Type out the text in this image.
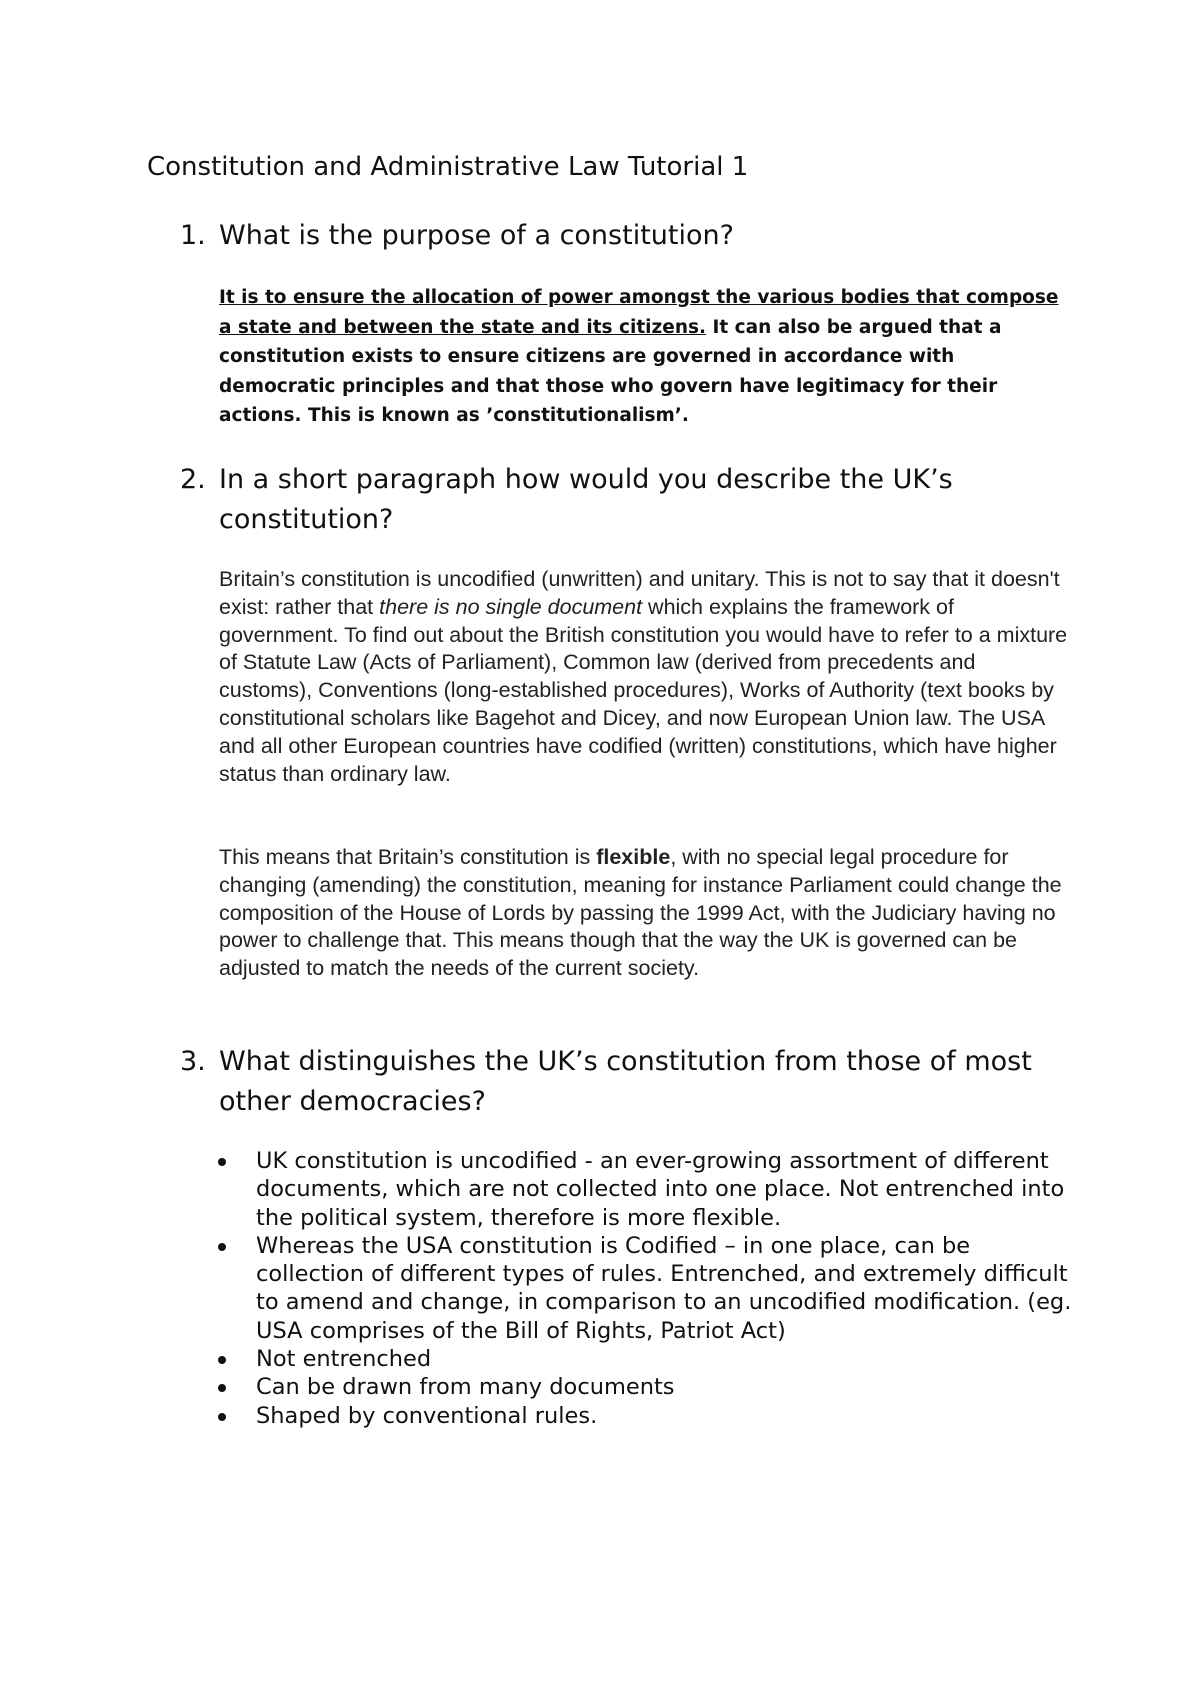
Constitution and Administrative Law Tutorial 1
1. What is the purpose of a constitution?
It is to ensure the allocation of power amongst the various bodies that compose a state and between the state and its citizens. It can also be argued that a constitution exists to ensure citizens are governed in accordance with democratic principles and that those who govern have legitimacy for their actions. This is known as ’constitutionalism’.
2. In a short paragraph how would you describe the UK’s constitution?
Britain’s constitution is uncodified (unwritten) and unitary. This is not to say that it doesn't exist: rather that there is no single document which explains the framework of government. To find out about the British constitution you would have to refer to a mixture of Statute Law (Acts of Parliament), Common law (derived from precedents and customs), Conventions (long-established procedures), Works of Authority (text books by constitutional scholars like Bagehot and Dicey, and now European Union law. The USA and all other European countries have codified (written) constitutions, which have higher status than ordinary law.
This means that Britain’s constitution is flexible, with no special legal procedure for changing (amending) the constitution, meaning for instance Parliament could change the composition of the House of Lords by passing the 1999 Act, with the Judiciary having no power to challenge that. This means though that the way the UK is governed can be adjusted to match the needs of the current society.
3. What distinguishes the UK’s constitution from those of most other democracies?
UK constitution is uncodified - an ever-growing assortment of different documents, which are not collected into one place. Not entrenched into the political system, therefore is more flexible.
Whereas the USA constitution is Codified – in one place, can be collection of different types of rules. Entrenched, and extremely difficult to amend and change, in comparison to an uncodified modification. (eg. USA comprises of the Bill of Rights, Patriot Act)
Not entrenched
Can be drawn from many documents
Shaped by conventional rules.
